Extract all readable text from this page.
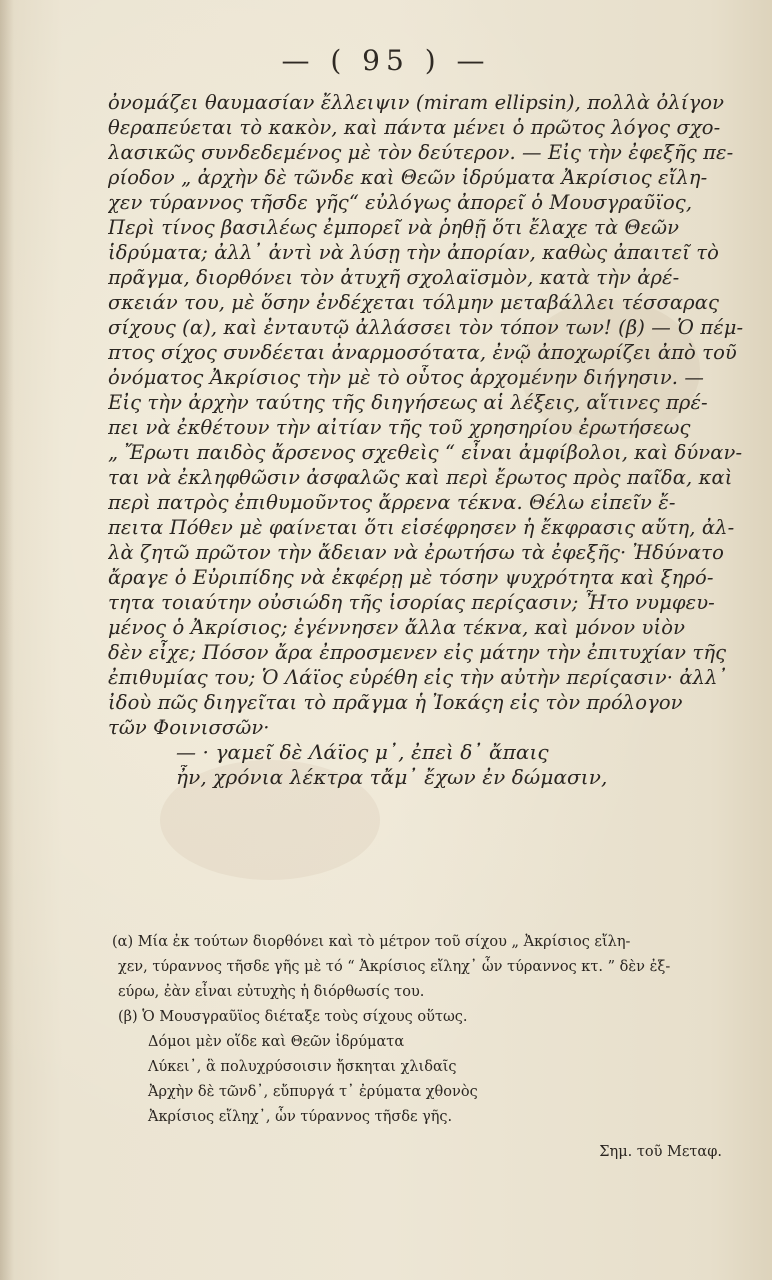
— ( 95 ) —
ὀνομάζει θαυμασίαν ἔλλειψιν (miram ellipsin), πολλὰ ὀλίγον
θεραπεύεται τὸ κακὸν, καὶ πάντα μένει ὁ πρῶτος λόγος σχο-
λασικῶς συνδεδεμένος μὲ τὸν δεύτερον. — Εἰς τὴν ἐφεξῆς πε-
ρίοδον „ ἀρχὴν δὲ τῶνδε καὶ Θεῶν ἱδρύματα Ἀκρίσιος εἴλη-
χεν τύραννος τῆσδε γῆς“ εὐλόγως ἀπορεῖ ὁ Μουσγραῦϊος,
Περὶ τίνος βασιλέως ἐμπορεῖ νὰ ῥηθῇ ὅτι ἔλαχε τὰ Θεῶν
ἱδρύματα; ἀλλ᾽ ἀντὶ νὰ λύσῃ τὴν ἀπορίαν, καθὼς ἀπαιτεῖ τὸ
πρᾶγμα, διορθόνει τὸν ἀτυχῆ σχολαϊσμὸν, κατὰ τὴν ἀρέ-
σκειάν του, μὲ ὅσην ἐνδέχεται τόλμην μεταβάλλει τέσσαρας
σίχους (α), καὶ ἐνταυτῷ ἀλλάσσει τὸν τόπον των! (β) — Ὁ πέμ-
πτος σίχος συνδέεται ἀναρμοσότατα, ἐνῷ ἀποχωρίζει ἀπὸ τοῦ
ὀνόματος Ἀκρίσιος τὴν μὲ τὸ οὗτος ἀρχομένην διήγησιν. —
Εἰς τὴν ἀρχὴν ταύτης τῆς διηγήσεως αἱ λέξεις, αἵτινες πρέ-
πει νὰ ἐκθέτουν τὴν αἰτίαν τῆς τοῦ χρησηρίου ἐρωτήσεως
„ Ἔρωτι παιδὸς ἄρσενος σχεθεὶς “ εἶναι ἀμφίβολοι, καὶ δύναν-
ται νὰ ἐκληφθῶσιν ἀσφαλῶς καὶ περὶ ἔρωτος πρὸς παῖδα, καὶ
περὶ πατρὸς ἐπιθυμοῦντος ἄρρενα τέκνα. Θέλω εἰπεῖν ἔ-
πειτα Πόθεν μὲ φαίνεται ὅτι εἰσέφρησεν ἡ ἔκφρασις αὕτη, ἀλ-
λὰ ζητῶ πρῶτον τὴν ἄδειαν νὰ ἐρωτήσω τὰ ἐφεξῆς· Ἠδύνατο
ἄραγε ὁ Εὐριπίδης νὰ ἐκφέρῃ μὲ τόσην ψυχρότητα καὶ ξηρό-
τητα τοιαύτην οὐσιώδη τῆς ἱσορίας περίςασιν; Ἦτο νυμφευ-
μένος ὁ Ἀκρίσιος; ἐγέννησεν ἄλλα τέκνα, καὶ μόνον υἱὸν
δὲν εἶχε; Πόσον ἄρα ἐπροσμενεν εἰς μάτην τὴν ἐπιτυχίαν τῆς
ἐπιθυμίας του; Ὁ Λάϊος εὑρέθη εἰς τὴν αὐτὴν περίςασιν· ἀλλ᾽
ἰδοὺ πῶς διηγεῖται τὸ πρᾶγμα ἡ Ἰοκάςη εἰς τὸν πρόλογον
τῶν Φοινισσῶν·
— · γαμεῖ δὲ Λάϊος μ᾽, ἐπεὶ δ᾽ ἄπαις
ἦν, χρόνια λέκτρα τἄμ᾽ ἔχων ἐν δώμασιν,
(α) Μία ἐκ τούτων διορθόνει καὶ τὸ μέτρον τοῦ σίχου „ Ἀκρίσιος εἴλη-
χεν, τύραννος τῆσδε γῆς μὲ τό “ Ἀκρίσιος εἴληχ᾽ ὧν τύραννος κτ. ” δὲν ἐξ-
εύρω, ἐὰν εἶναι εὐτυχὴς ἡ διόρθωσίς του.
(β) Ὁ Μουσγραῦϊος διέταξε τοὺς σίχους οὕτως.
Δόμοι μὲν οἵδε καὶ Θεῶν ἱδρύματα
Λύκει᾽, ἃ πολυχρύσοισιν ἤσκηται χλιδαῖς
Ἀρχὴν δὲ τῶνδ᾽, εὔπυργά τ᾽ ἐρύματα χθονὸς
Ἀκρίσιος εἴληχ᾽, ὧν τύραννος τῆσδε γῆς.
Σημ. τοῦ Μεταφ.
